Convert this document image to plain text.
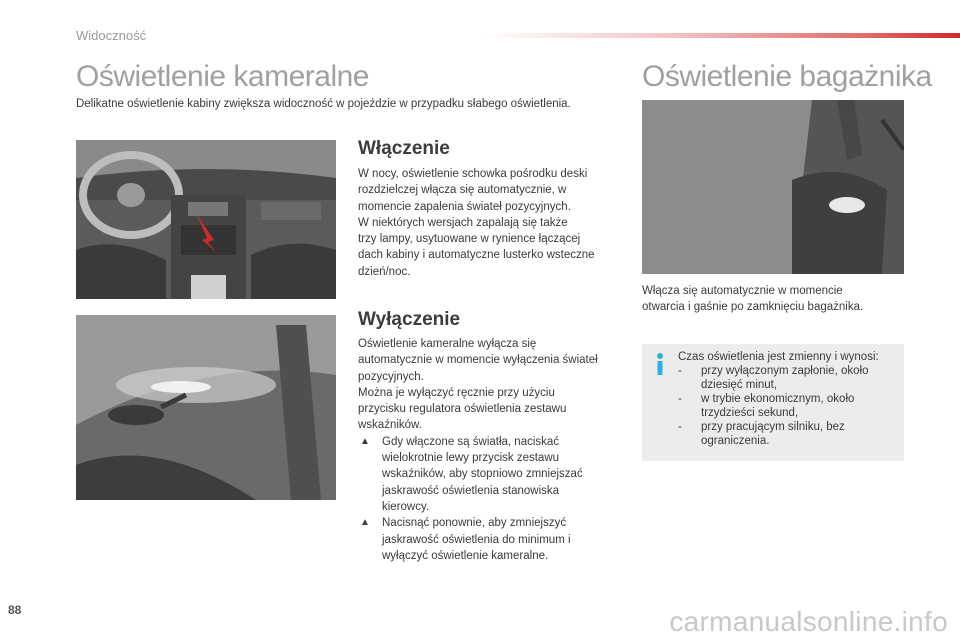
Widoczność
Oświetlenie kameralne	Oświetlenie bagażnika
Delikatne oświetlenie kabiny zwiększa widoczność w pojeździe w przypadku słabego oświetlenia.
Włączenie

W nocy, oświetlenie schowka pośrodku deski

rozdzielczej włącza się automatycznie, w

momencie zapalenia świateł pozycyjnych.

W niektórych wersjach zapalają się także

trzy lampy, usytuowane w rynience łączącej

dach kabiny i automatyczne lusterko wsteczne

dzień/noc.

Wyłączenie

Oświetlenie kameralne wyłącza się

automatycznie w momencie wyłączenia świateł

pozycyjnych.

Można je wyłączyć ręcznie przy użyciu

przycisku regulatora oświetlenia zestawu

wskaźników.

▲ Gdy włączone są światła, naciskać

wielokrotnie lewy przycisk zestawu

wskaźników, aby stopniowo zmniejszać

jaskrawość oświetlenia stanowiska

kierowcy.

▲ Nacisnąć ponownie, aby zmniejszyć

jaskrawość oświetlenia do minimum i

wyłączyć oświetlenie kameralne.

Włącza się automatycznie w momencie
otwarcia i gaśnie po zamknięciu bagażnika.
Czas oświetlenia jest zmienny i wynosi:
- przy wyłączonym zapłonie, około
dziesięć minut,
- w trybie ekonomicznym, około
trzydzieści sekund,
- przy pracującym silniku, bez
ograniczenia.
88	carmanualsonline.info
